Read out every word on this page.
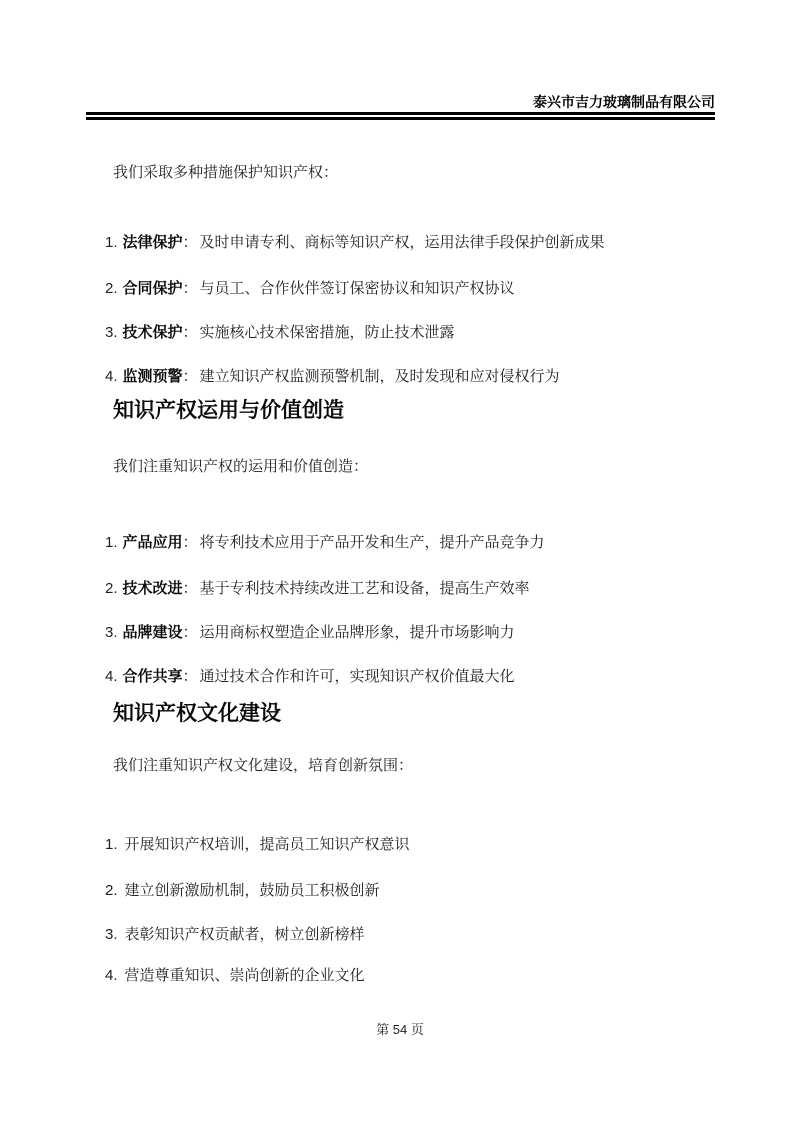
泰兴市吉力玻璃制品有限公司
我们采取多种措施保护知识产权：
1. 法律保护： 及时申请专利、商标等知识产权，运用法律手段保护创新成果
2. 合同保护： 与员工、合作伙伴签订保密协议和知识产权协议
3. 技术保护： 实施核心技术保密措施，防止技术泄露
4. 监测预警： 建立知识产权监测预警机制，及时发现和应对侵权行为
知识产权运用与价值创造
我们注重知识产权的运用和价值创造：
1. 产品应用： 将专利技术应用于产品开发和生产，提升产品竞争力
2. 技术改进： 基于专利技术持续改进工艺和设备，提高生产效率
3. 品牌建设： 运用商标权塑造企业品牌形象，提升市场影响力
4. 合作共享： 通过技术合作和许可，实现知识产权价值最大化
知识产权文化建设
我们注重知识产权文化建设，培育创新氛围：
1. 开展知识产权培训，提高员工知识产权意识
2. 建立创新激励机制，鼓励员工积极创新
3. 表彰知识产权贡献者，树立创新榜样
4. 营造尊重知识、崇尚创新的企业文化
第 54 页
